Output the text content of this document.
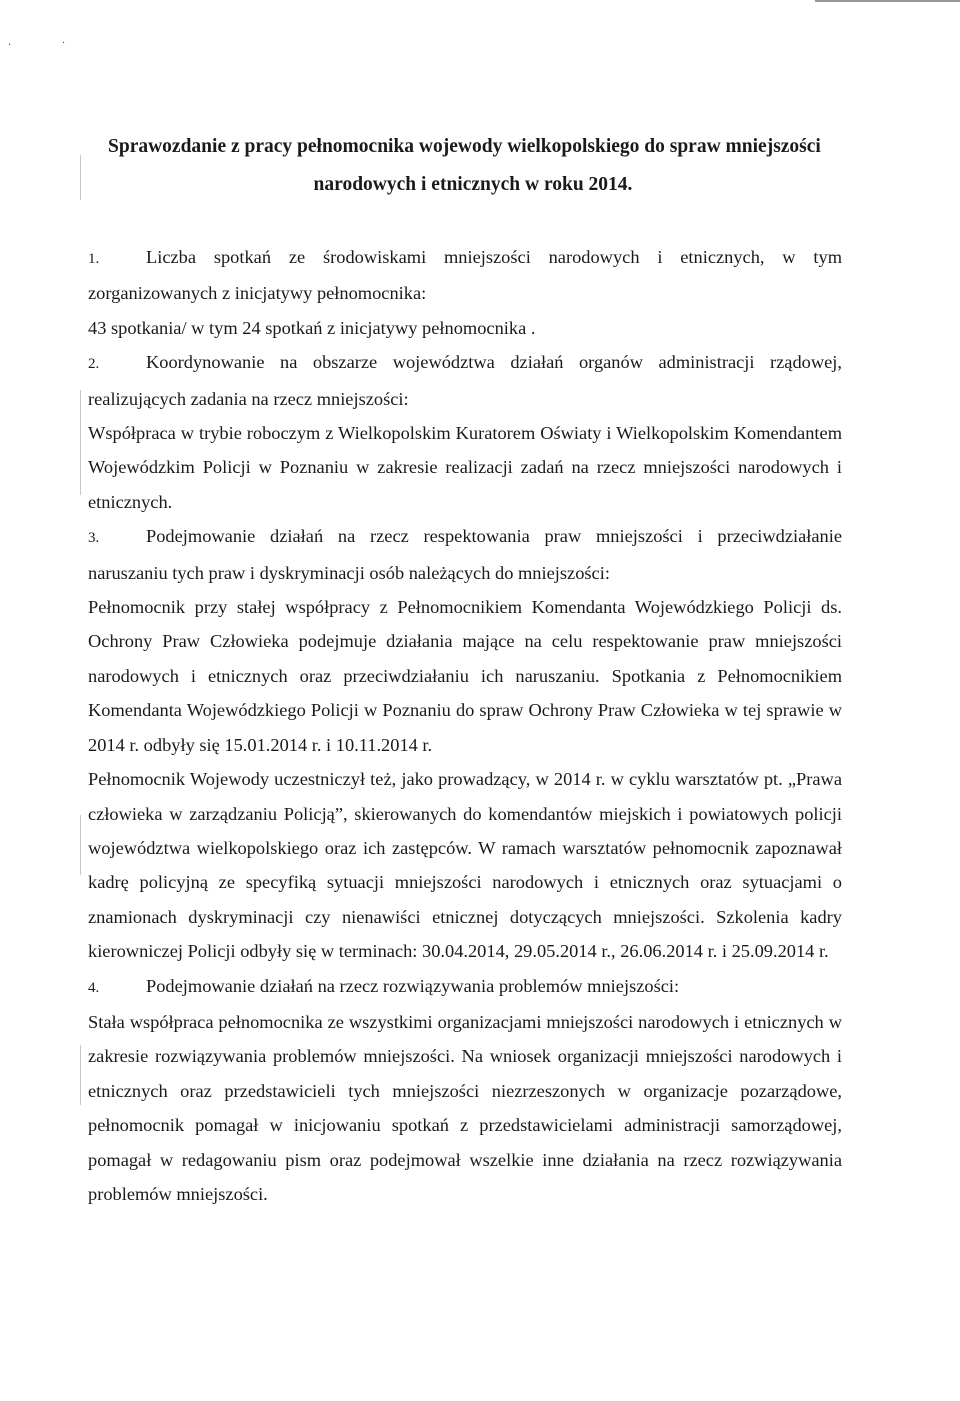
·	·
Sprawozdanie z pracy pełnomocnika wojewody wielkopolskiego do spraw mniejszości
narodowych i etnicznych w roku 2014.

1.	Liczba spotkań ze środowiskami mniejszości narodowych i etnicznych, w tym zorganizowanych z inicjatywy pełnomocnika:

43 spotkania/ w tym 24 spotkań z inicjatywy pełnomocnika .

2.	Koordynowanie na obszarze województwa działań organów administracji rządowej, realizujących zadania na rzecz mniejszości:

Współpraca w trybie roboczym z Wielkopolskim Kuratorem Oświaty i Wielkopolskim Komendantem Wojewódzkim Policji w Poznaniu w zakresie realizacji zadań na rzecz mniejszości narodowych i etnicznych.

3.	Podejmowanie działań na rzecz respektowania praw mniejszości i przeciwdziałanie naruszaniu tych praw i dyskryminacji osób należących do mniejszości:

Pełnomocnik przy stałej współpracy z Pełnomocnikiem Komendanta Wojewódzkiego Policji ds. Ochrony Praw Człowieka podejmuje działania mające na celu respektowanie praw mniejszości narodowych i etnicznych oraz przeciwdziałaniu ich naruszaniu. Spotkania z Pełnomocnikiem Komendanta Wojewódzkiego Policji w Poznaniu do spraw Ochrony Praw Człowieka w tej sprawie w 2014 r. odbyły się 15.01.2014 r. i 10.11.2014 r.

Pełnomocnik Wojewody uczestniczył też, jako prowadzący, w 2014 r. w cyklu warsztatów pt. „Prawa człowieka w zarządzaniu Policją”, skierowanych do komendantów miejskich i powiatowych policji województwa wielkopolskiego oraz ich zastępców. W ramach warsztatów pełnomocnik zapoznawał kadrę policyjną ze specyfiką sytuacji mniejszości narodowych i etnicznych oraz sytuacjami o znamionach dyskryminacji czy nienawiści etnicznej dotyczących mniejszości. Szkolenia kadry kierowniczej Policji odbyły się w terminach: 30.04.2014, 29.05.2014 r., 26.06.2014 r. i 25.09.2014 r.

4.	Podejmowanie działań na rzecz rozwiązywania problemów mniejszości:

Stała współpraca pełnomocnika ze wszystkimi organizacjami mniejszości narodowych i etnicznych w zakresie rozwiązywania problemów mniejszości. Na wniosek organizacji mniejszości narodowych i etnicznych oraz przedstawicieli tych mniejszości niezrzeszonych w organizacje pozarządowe, pełnomocnik pomagał w inicjowaniu spotkań z przedstawicielami administracji samorządowej, pomagał w redagowaniu pism oraz podejmował wszelkie inne działania na rzecz rozwiązywania problemów mniejszości.
